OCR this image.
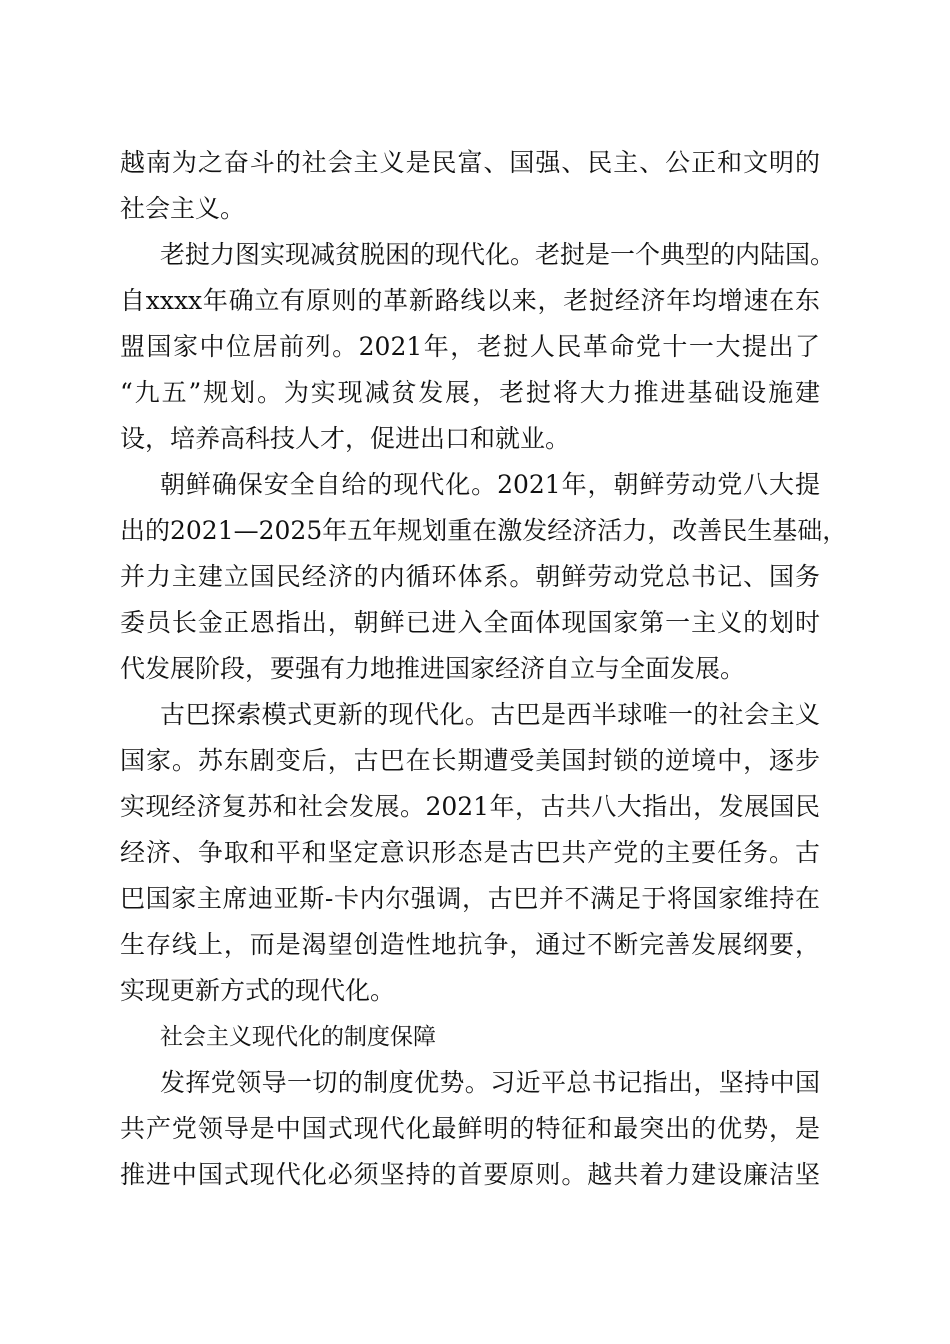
越南为之奋斗的社会主义是民富、国强、民主、公正和文明的
社会主义。
老挝力图实现减贫脱困的现代化。老挝是一个典型的内陆国。
自xxxx年确立有原则的革新路线以来，老挝经济年均增速在东
盟国家中位居前列。2021年，老挝人民革命党十一大提出了
“九五”规划。为实现减贫发展，老挝将大力推进基础设施建
设，培养高科技人才，促进出口和就业。
朝鲜确保安全自给的现代化。2021年，朝鲜劳动党八大提
出的2021—2025年五年规划重在激发经济活力，改善民生基础，
并力主建立国民经济的内循环体系。朝鲜劳动党总书记、国务
委员长金正恩指出，朝鲜已进入全面体现国家第一主义的划时
代发展阶段，要强有力地推进国家经济自立与全面发展。
古巴探索模式更新的现代化。古巴是西半球唯一的社会主义
国家。苏东剧变后，古巴在长期遭受美国封锁的逆境中，逐步
实现经济复苏和社会发展。2021年，古共八大指出，发展国民
经济、争取和平和坚定意识形态是古巴共产党的主要任务。古
巴国家主席迪亚斯-卡内尔强调，古巴并不满足于将国家维持在
生存线上，而是渴望创造性地抗争，通过不断完善发展纲要，
实现更新方式的现代化。
社会主义现代化的制度保障
发挥党领导一切的制度优势。习近平总书记指出，坚持中国
共产党领导是中国式现代化最鲜明的特征和最突出的优势，是
推进中国式现代化必须坚持的首要原则。越共着力建设廉洁坚
